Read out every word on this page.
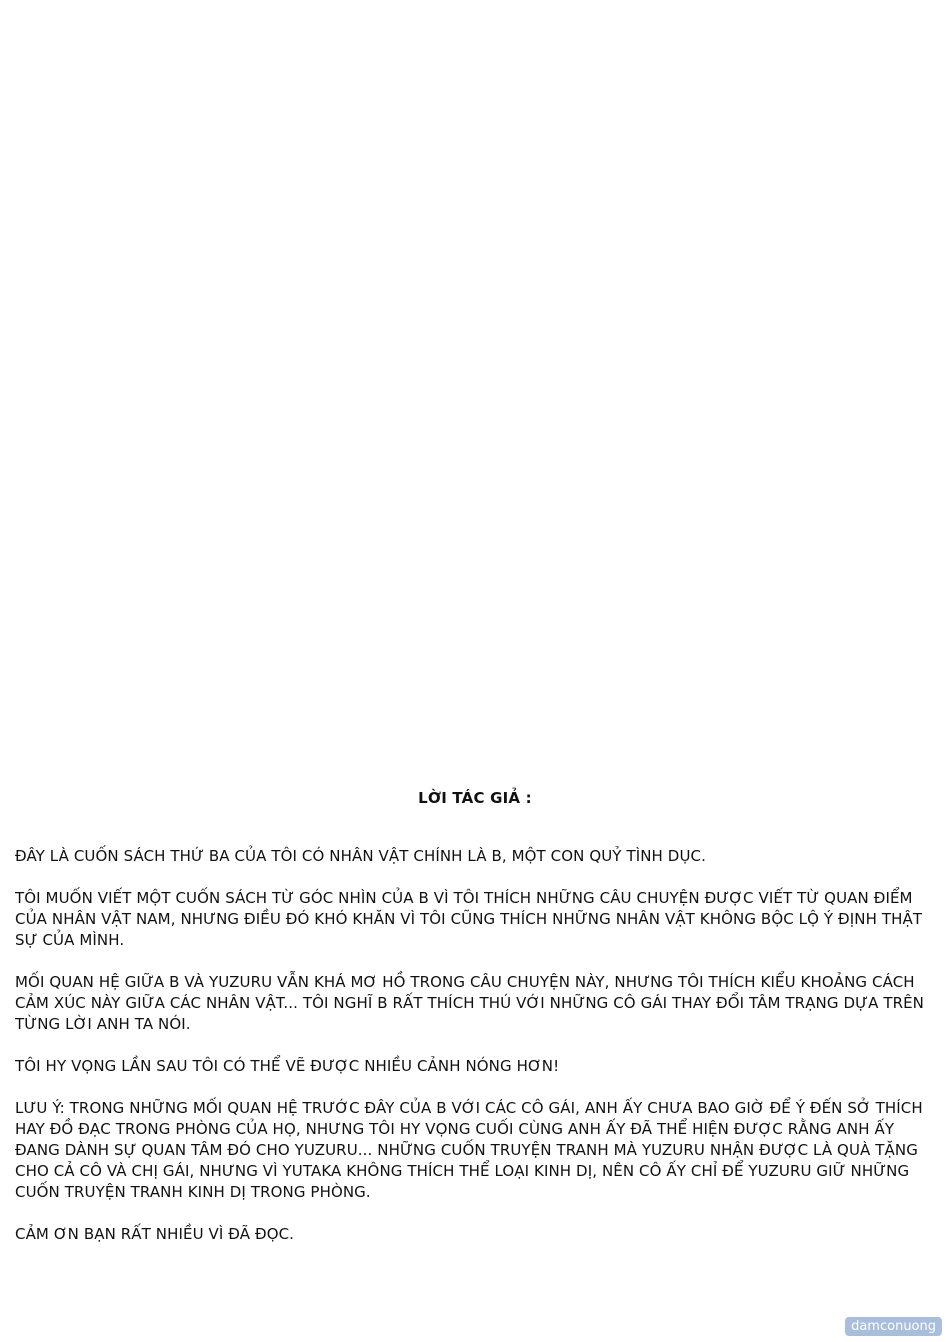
LỜI TÁC GIẢ :

ĐÂY LÀ CUỐN SÁCH THỨ BA CỦA TÔI CÓ NHÂN VẬT CHÍNH LÀ B, MỘT CON QUỶ TÌNH DỤC.

TÔI MUỐN VIẾT MỘT CUỐN SÁCH TỪ GÓC NHÌN CỦA B VÌ TÔI THÍCH NHỮNG CÂU CHUYỆN ĐƯỢC VIẾT TỪ QUAN ĐIỂM CỦA NHÂN VẬT NAM, NHƯNG ĐIỀU ĐÓ KHÓ KHĂN VÌ TÔI CŨNG THÍCH NHỮNG NHÂN VẬT KHÔNG BỘC LỘ Ý ĐỊNH THẬT SỰ CỦA MÌNH.

MỐI QUAN HỆ GIỮA B VÀ YUZURU VẪN KHÁ MƠ HỒ TRONG CÂU CHUYỆN NÀY, NHƯNG TÔI THÍCH KIỂU KHOẢNG CÁCH CẢM XÚC NÀY GIỮA CÁC NHÂN VẬT... TÔI NGHĨ B RẤT THÍCH THÚ VỚI NHỮNG CÔ GÁI THAY ĐỔI TÂM TRẠNG DỰA TRÊN TỪNG LỜI ANH TA NÓI.

TÔI HY VỌNG LẦN SAU TÔI CÓ THỂ VẼ ĐƯỢC NHIỀU CẢNH NÓNG HƠN!

LƯU Ý: TRONG NHỮNG MỐI QUAN HỆ TRƯỚC ĐÂY CỦA B VỚI CÁC CÔ GÁI, ANH ẤY CHƯA BAO GIỜ ĐỂ Ý ĐẾN SỞ THÍCH HAY ĐỒ ĐẠC TRONG PHÒNG CỦA HỌ, NHƯNG TÔI HY VỌNG CUỐI CÙNG ANH ẤY ĐÃ THỂ HIỆN ĐƯỢC RẰNG ANH ẤY ĐANG DÀNH SỰ QUAN TÂM ĐÓ CHO YUZURU... NHỮNG CUỐN TRUYỆN TRANH MÀ YUZURU NHẬN ĐƯỢC LÀ QUÀ TẶNG CHO CẢ CÔ VÀ CHỊ GÁI, NHƯNG VÌ YUTAKA KHÔNG THÍCH THỂ LOẠI KINH DỊ, NÊN CÔ ẤY CHỈ ĐỂ YUZURU GIỮ NHỮNG CUỐN TRUYỆN TRANH KINH DỊ TRONG PHÒNG.

CẢM ƠN BẠN RẤT NHIỀU VÌ ĐÃ ĐỌC.

damconuong
